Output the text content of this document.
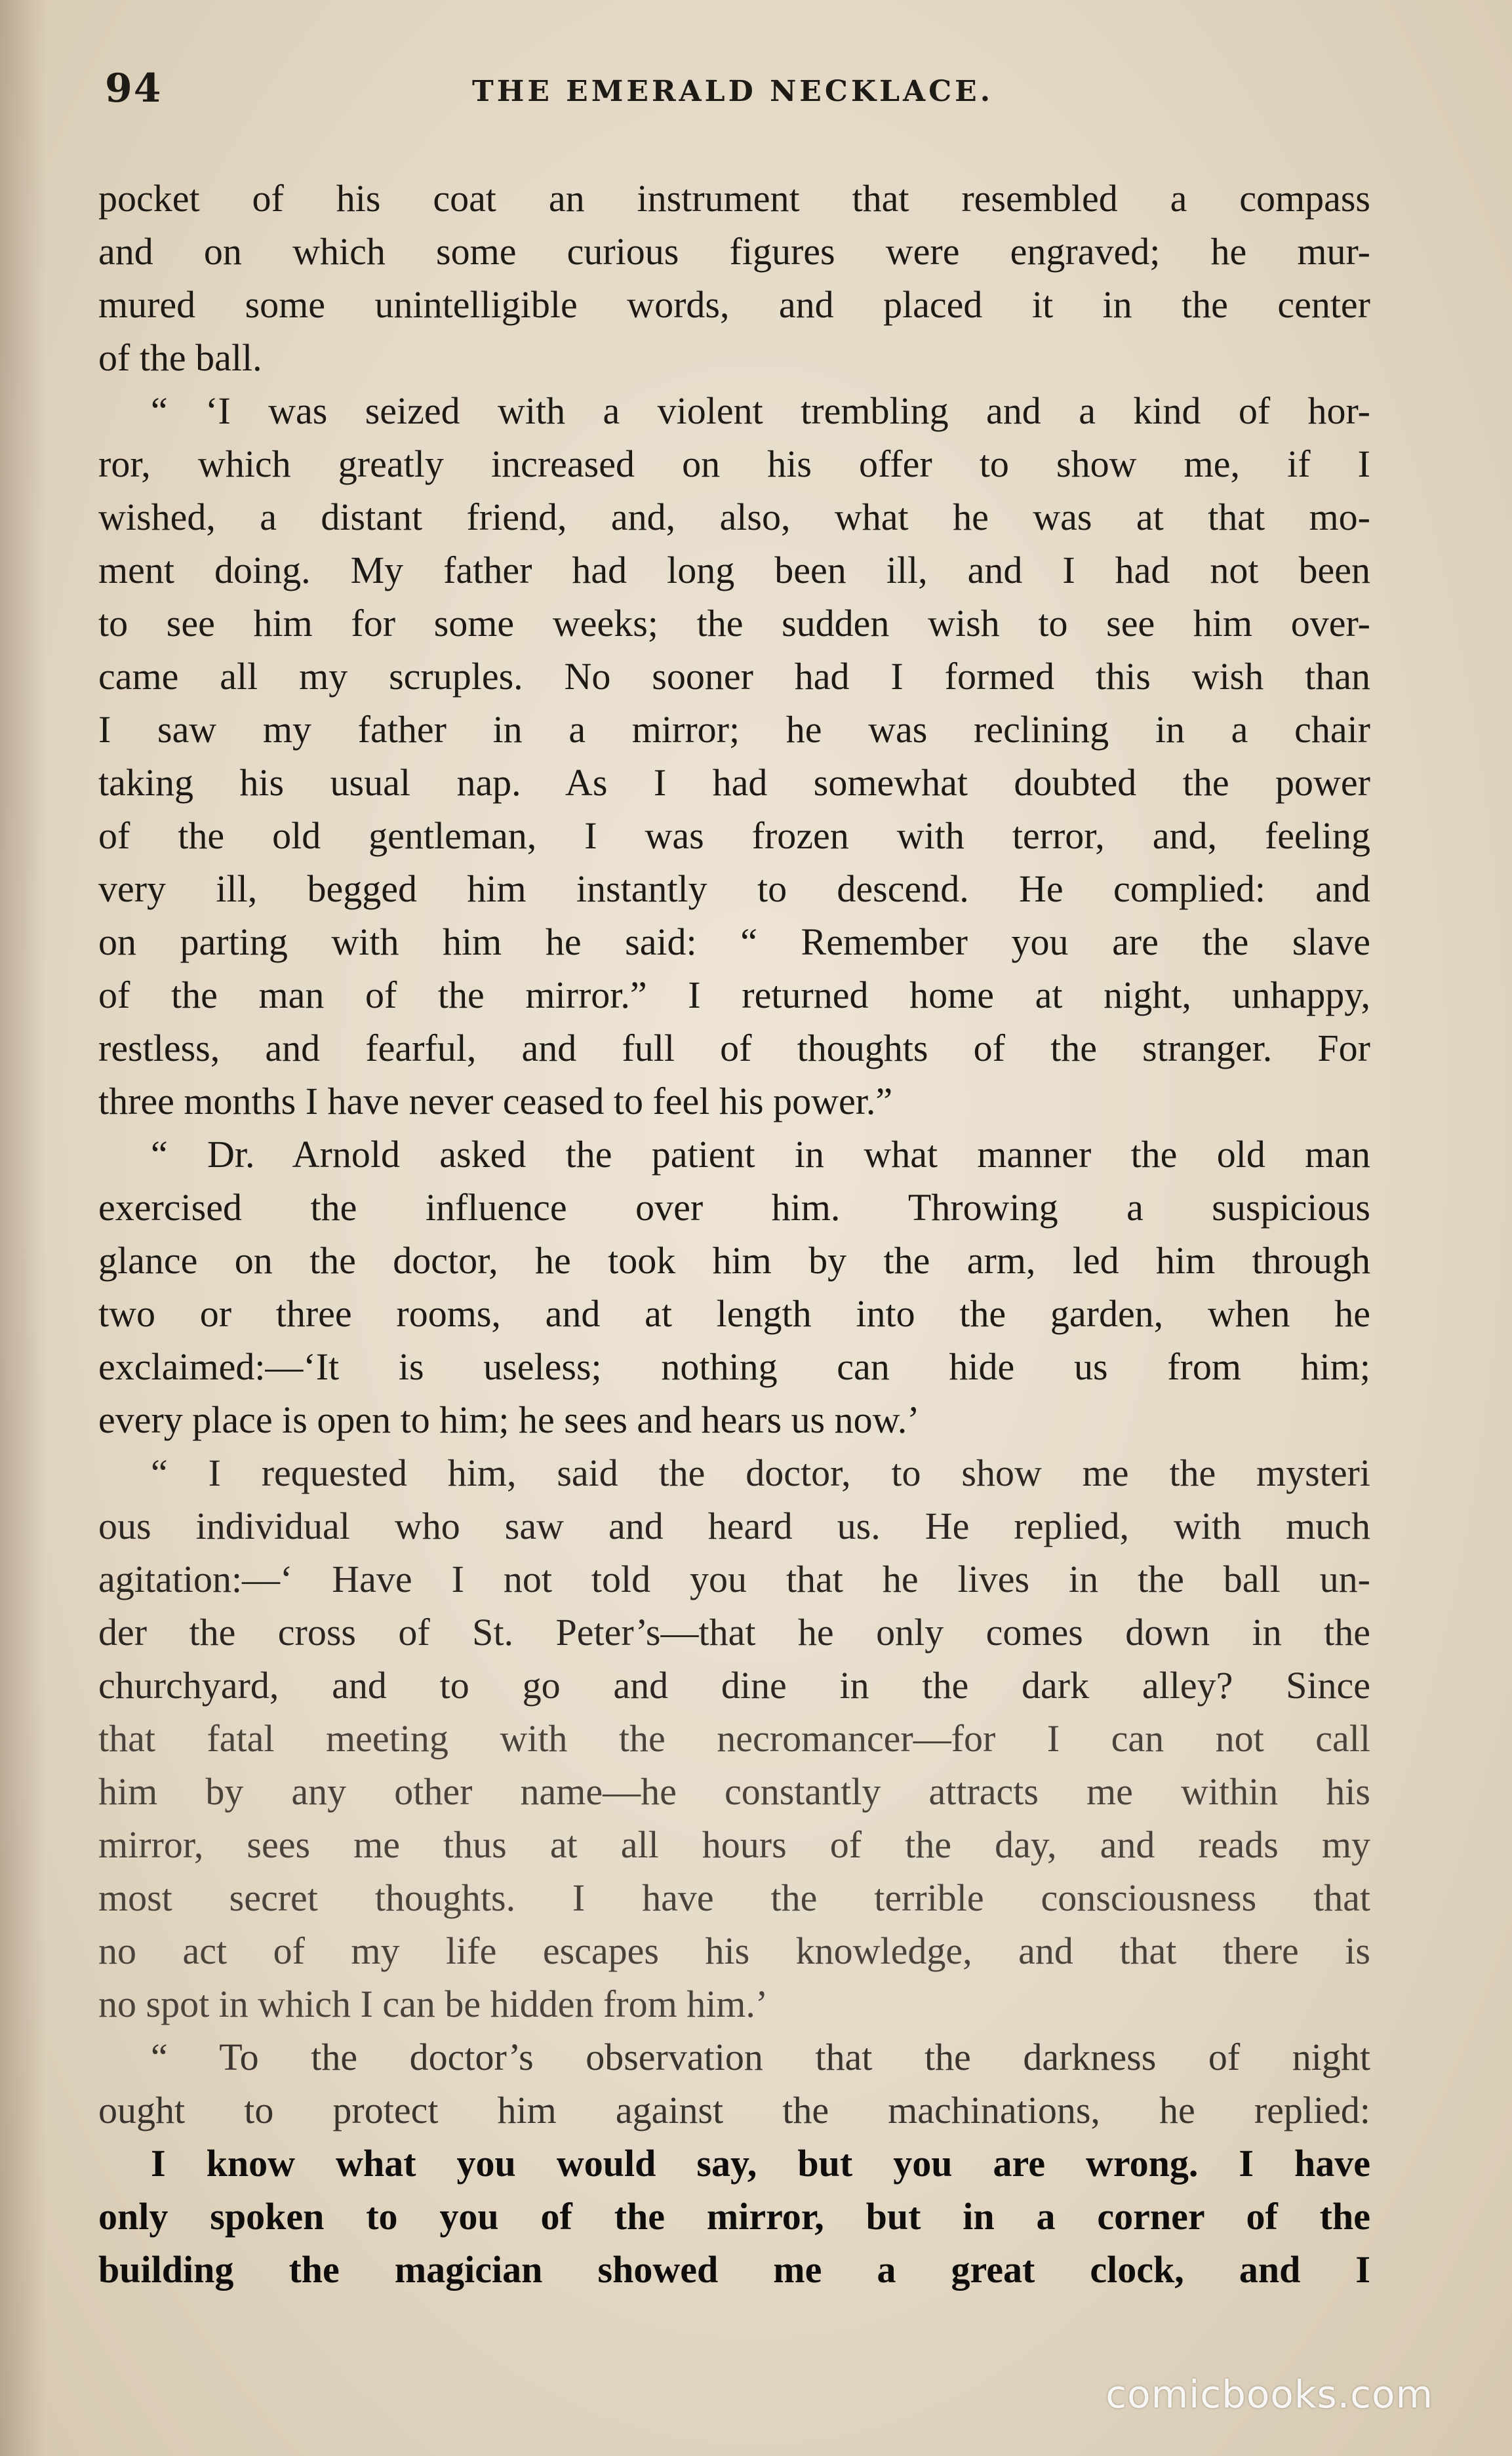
94	THE EMERALD NECKLACE.
pocket of his coat an instrument that resembled a compass
and on which some curious figures were engraved; he mur-
mured some unintelligible words, and placed it in the center
of the ball.
“ ‘I was seized with a violent trembling and a kind of hor-
ror, which greatly increased on his offer to show me, if I
wished, a distant friend, and, also, what he was at that mo-
ment doing. My father had long been ill, and I had not been
to see him for some weeks; the sudden wish to see him over-
came all my scruples. No sooner had I formed this wish than
I saw my father in a mirror; he was reclining in a chair
taking his usual nap. As I had somewhat doubted the power
of the old gentleman, I was frozen with terror, and, feeling
very ill, begged him instantly to descend. He complied: and
on parting with him he said: “ Remember you are the slave
of the man of the mirror.” I returned home at night, unhappy,
restless, and fearful, and full of thoughts of the stranger. For
three months I have never ceased to feel his power.”
“ Dr. Arnold asked the patient in what manner the old man
exercised the influence over him. Throwing a suspicious
glance on the doctor, he took him by the arm, led him through
two or three rooms, and at length into the garden, when he
exclaimed:—‘It is useless; nothing can hide us from him;
every place is open to him; he sees and hears us now.’
“ I requested him, said the doctor, to show me the mysteri
ous individual who saw and heard us. He replied, with much
agitation:—‘ Have I not told you that he lives in the ball un-
der the cross of St. Peter’s—that he only comes down in the
churchyard, and to go and dine in the dark alley? Since
that fatal meeting with the necromancer—for I can not call
him by any other name—he constantly attracts me within his
mirror, sees me thus at all hours of the day, and reads my
most secret thoughts. I have the terrible consciousness that
no act of my life escapes his knowledge, and that there is
no spot in which I can be hidden from him.’
“ To the doctor’s observation that the darkness of night
ought to protect him against the machinations, he replied:
I know what you would say, but you are wrong. I have
only spoken to you of the mirror, but in a corner of the
building the magician showed me a great clock, and I
comicbooks.com
